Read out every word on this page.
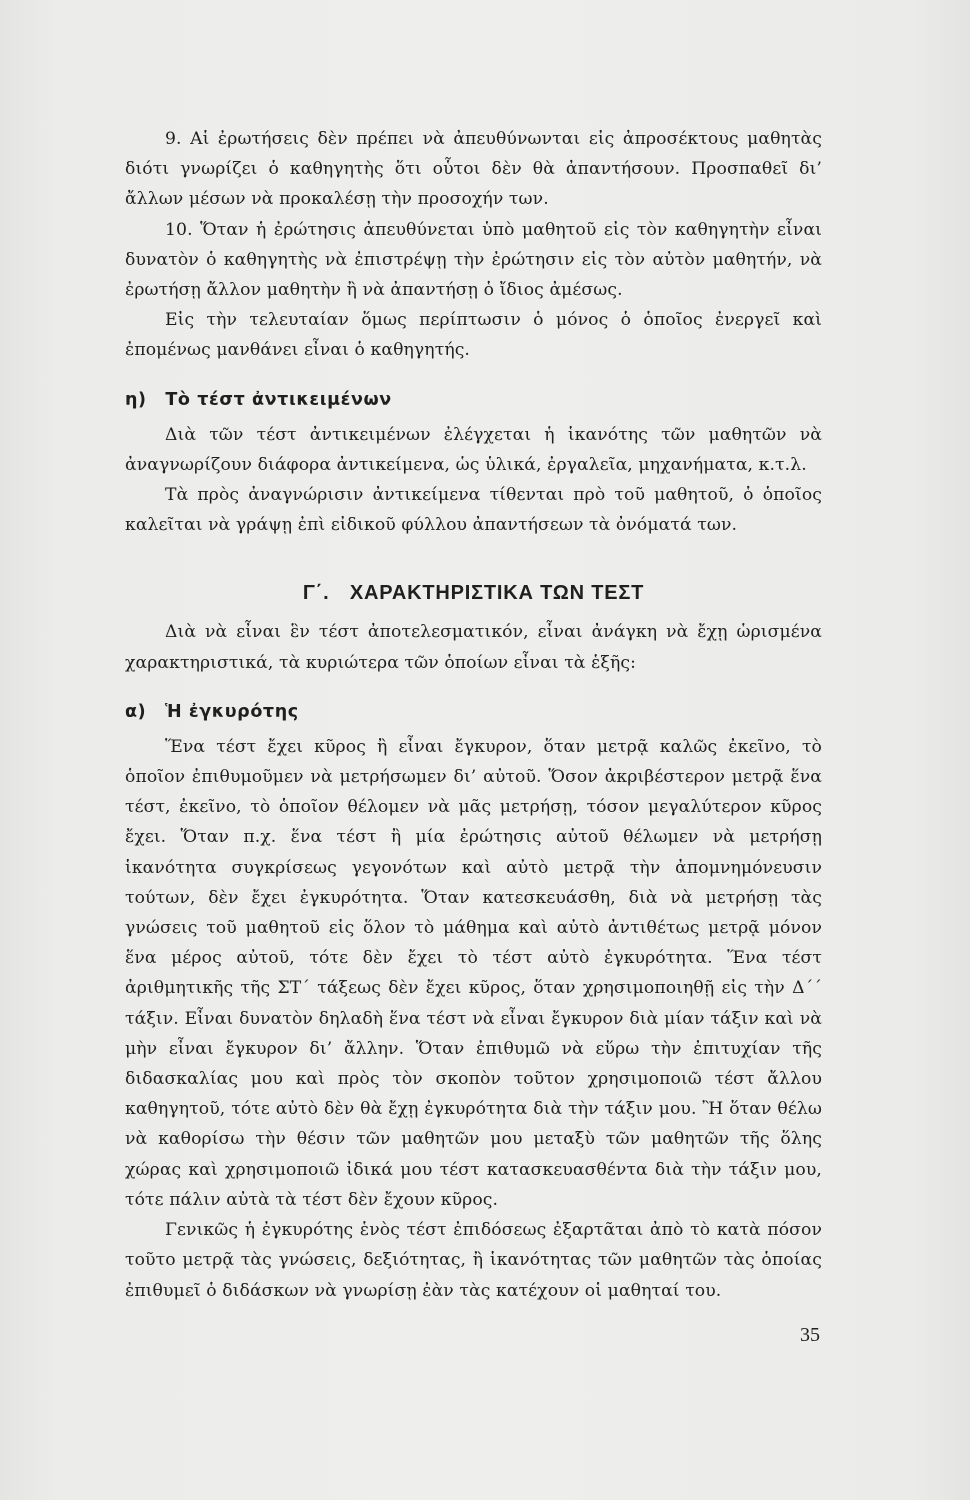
9. Αἱ ἐρωτήσεις δὲν πρέπει νὰ ἀπευθύνωνται εἰς ἀπροσέκτους μαθητὰς διότι γνωρίζει ὁ καθηγητὴς ὅτι οὗτοι δὲν θὰ ἀπαντήσουν. Προσπαθεῖ δι’ ἄλλων μέσων νὰ προκαλέσῃ τὴν προσοχήν των.

10. Ὅταν ἡ ἐρώτησις ἀπευθύνεται ὑπὸ μαθητοῦ εἰς τὸν καθηγητὴν εἶναι δυνατὸν ὁ καθηγητὴς νὰ ἐπιστρέψῃ τὴν ἐρώτησιν εἰς τὸν αὐτὸν μαθητήν, νὰ ἐρωτήσῃ ἄλλον μαθητὴν ἢ νὰ ἀπαντήσῃ ὁ ἴδιος ἀμέσως.

Εἰς τὴν τελευταίαν ὅμως περίπτωσιν ὁ μόνος ὁ ὁποῖος ἐνεργεῖ καὶ ἐπομένως μανθάνει εἶναι ὁ καθηγητής.

η) Τὸ τέστ ἀντικειμένων

Διὰ τῶν τέστ ἀντικειμένων ἐλέγχεται ἡ ἱκανότης τῶν μαθητῶν νὰ ἀναγνωρίζουν διάφορα ἀντικείμενα, ὡς ὑλικά, ἐργαλεῖα, μηχανήματα, κ.τ.λ.

Τὰ πρὸς ἀναγνώρισιν ἀντικείμενα τίθενται πρὸ τοῦ μαθητοῦ, ὁ ὁποῖος καλεῖται νὰ γράψῃ ἐπὶ εἰδικοῦ φύλλου ἀπαντήσεων τὰ ὀνόματά των.

Γ΄. ΧΑΡΑΚΤΗΡΙΣΤΙΚΑ ΤΩΝ ΤΕΣΤ

Διὰ νὰ εἶναι ἓν τέστ ἀποτελεσματικόν, εἶναι ἀνάγκη νὰ ἔχῃ ὡρισμένα χαρακτηριστικά, τὰ κυριώτερα τῶν ὁποίων εἶναι τὰ ἑξῆς:

α) Ἡ ἐγκυρότης

Ἕνα τέστ ἔχει κῦρος ἢ εἶναι ἔγκυρον, ὅταν μετρᾷ καλῶς ἐκεῖνο, τὸ ὁποῖον ἐπιθυμοῦμεν νὰ μετρήσωμεν δι’ αὐτοῦ. Ὅσον ἀκριβέστερον μετρᾷ ἕνα τέστ, ἐκεῖνο, τὸ ὁποῖον θέλομεν νὰ μᾶς μετρήσῃ, τόσον μεγαλύτερον κῦρος ἔχει. Ὅταν π.χ. ἕνα τέστ ἢ μία ἐρώτησις αὐτοῦ θέλωμεν νὰ μετρήσῃ ἱκανότητα συγκρίσεως γεγονότων καὶ αὐτὸ μετρᾷ τὴν ἀπομνημόνευσιν τούτων, δὲν ἔχει ἐγκυρότητα. Ὅταν κατεσκευάσθη, διὰ νὰ μετρήσῃ τὰς γνώσεις τοῦ μαθητοῦ εἰς ὅλον τὸ μάθημα καὶ αὐτὸ ἀντιθέτως μετρᾷ μόνον ἕνα μέρος αὐτοῦ, τότε δὲν ἔχει τὸ τέστ αὐτὸ ἐγκυρότητα. Ἕνα τέστ ἀριθμητικῆς τῆς ΣΤ΄ τάξεως δὲν ἔχει κῦρος, ὅταν χρησιμοποιηθῇ εἰς τὴν Δ΄΄ τάξιν. Εἶναι δυνατὸν δηλαδὴ ἕνα τέστ νὰ εἶναι ἔγκυρον διὰ μίαν τάξιν καὶ νὰ μὴν εἶναι ἔγκυρον δι’ ἄλλην. Ὅταν ἐπιθυμῶ νὰ εὕρω τὴν ἐπιτυχίαν τῆς διδασκαλίας μου καὶ πρὸς τὸν σκοπὸν τοῦτον χρησιμοποιῶ τέστ ἄλλου καθηγητοῦ, τότε αὐτὸ δὲν θὰ ἔχῃ ἐγκυρότητα διὰ τὴν τάξιν μου. Ἢ ὅταν θέλω νὰ καθορίσω τὴν θέσιν τῶν μαθητῶν μου μεταξὺ τῶν μαθητῶν τῆς ὅλης χώρας καὶ χρησιμοποιῶ ἰδικά μου τέστ κατασκευασθέντα διὰ τὴν τάξιν μου, τότε πάλιν αὐτὰ τὰ τέστ δὲν ἔχουν κῦρος.

Γενικῶς ἡ ἐγκυρότης ἑνὸς τέστ ἐπιδόσεως ἐξαρτᾶται ἀπὸ τὸ κατὰ πόσον τοῦτο μετρᾷ τὰς γνώσεις, δεξιότητας, ἢ ἱκανότητας τῶν μαθητῶν τὰς ὁποίας ἐπιθυμεῖ ὁ διδάσκων νὰ γνωρίσῃ ἐὰν τὰς κατέχουν οἱ μαθηταί του.

35
